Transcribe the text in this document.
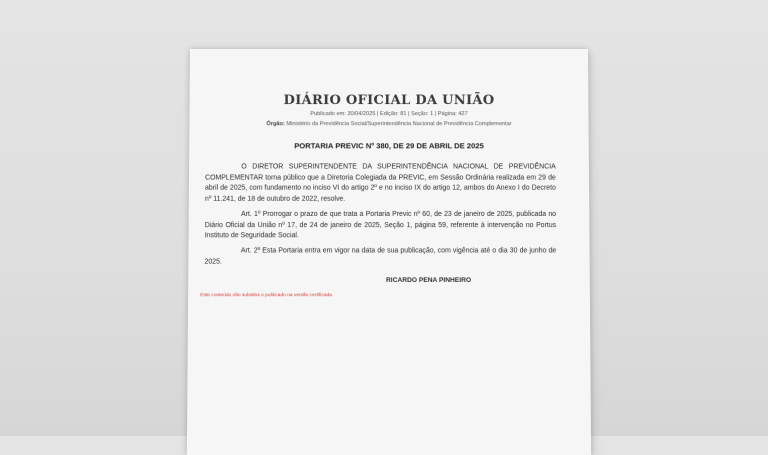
DIÁRIO OFICIAL DA UNIÃO
Publicado em: 30/04/2025 | Edição: 81 | Seção: 1 | Página: 427
Órgão: Ministério da Previdência Social/Superintendência Nacional de Previdência Complementar
PORTARIA PREVIC Nº 380, DE 29 DE ABRIL DE 2025

O DIRETOR SUPERINTENDENTE DA SUPERINTENDÊNCIA NACIONAL DE PREVIDÊNCIA COMPLEMENTAR torna público que a Diretoria Colegiada da PREVIC, em Sessão Ordinária realizada em 29 de abril de 2025, com fundamento no inciso VI do artigo 2º e no inciso IX do artigo 12, ambos do Anexo I do Decreto nº 11.241, de 18 de outubro de 2022, resolve.

Art. 1º Prorrogar o prazo de que trata a Portaria Previc nº 60, de 23 de janeiro de 2025, publicada no Diário Oficial da União nº 17, de 24 de janeiro de 2025, Seção 1, página 59, referente à intervenção no Portus Instituto de Seguridade Social.

Art. 2º Esta Portaria entra em vigor na data de sua publicação, com vigência até o dia 30 de junho de 2025.

RICARDO PENA PINHEIRO
Este conteúdo não substitui o publicado na versão certificada.
